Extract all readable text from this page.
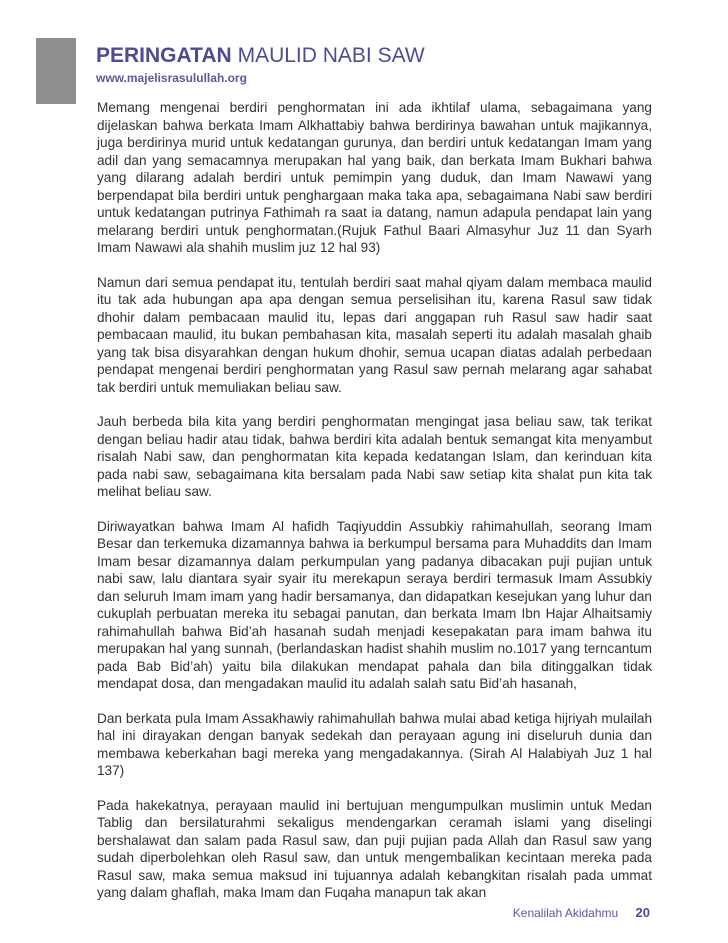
PERINGATAN MAULID NABI SAW
www.majelisrasulullah.org

Memang mengenai berdiri penghormatan ini ada ikhtilaf ulama, sebagaimana yang dijelaskan bahwa berkata Imam Alkhattabiy bahwa berdirinya bawahan untuk majikannya, juga berdirinya murid untuk kedatangan gurunya, dan berdiri untuk kedatangan Imam yang adil dan yang semacamnya merupakan hal yang baik, dan berkata Imam Bukhari bahwa yang dilarang adalah berdiri untuk pemimpin yang duduk, dan Imam Nawawi yang berpendapat bila berdiri untuk penghargaan maka taka apa, sebagaimana Nabi saw berdiri untuk kedatangan putrinya Fathimah ra saat ia datang, namun adapula pendapat lain yang melarang berdiri untuk penghormatan.(Rujuk Fathul Baari Almasyhur Juz 11 dan Syarh Imam Nawawi ala shahih muslim juz 12 hal 93)

Namun dari semua pendapat itu, tentulah berdiri saat mahal qiyam dalam membaca maulid itu tak ada hubungan apa apa dengan semua perselisihan itu, karena Rasul saw tidak dhohir dalam pembacaan maulid itu, lepas dari anggapan ruh Rasul saw hadir saat pembacaan maulid, itu bukan pembahasan kita, masalah seperti itu adalah masalah ghaib yang tak bisa disyarahkan dengan hukum dhohir, semua ucapan diatas adalah perbedaan pendapat mengenai berdiri penghormatan yang Rasul saw pernah melarang agar sahabat tak berdiri untuk memuliakan beliau saw.

Jauh berbeda bila kita yang berdiri penghormatan mengingat jasa beliau saw, tak terikat dengan beliau hadir atau tidak, bahwa berdiri kita adalah bentuk semangat kita menyambut risalah Nabi saw, dan penghormatan kita kepada kedatangan Islam, dan kerinduan kita pada nabi saw, sebagaimana kita bersalam pada Nabi saw setiap kita shalat pun kita tak melihat beliau saw.

Diriwayatkan bahwa Imam Al hafidh Taqiyuddin Assubkiy rahimahullah, seorang Imam Besar dan terkemuka dizamannya bahwa ia berkumpul bersama para Muhaddits dan Imam Imam besar dizamannya dalam perkumpulan yang padanya dibacakan puji pujian untuk nabi saw, lalu diantara syair syair itu merekapun seraya berdiri termasuk Imam Assubkiy dan seluruh Imam imam yang hadir bersamanya, dan didapatkan kesejukan yang luhur dan cukuplah perbuatan mereka itu sebagai panutan, dan berkata Imam Ibn Hajar Alhaitsamiy rahimahullah bahwa Bid’ah hasanah sudah menjadi kesepakatan para imam bahwa itu merupakan hal yang sunnah, (berlandaskan hadist shahih muslim no.1017 yang terncantum pada Bab Bid’ah) yaitu bila dilakukan mendapat pahala dan bila ditinggalkan tidak mendapat dosa, dan mengadakan maulid itu adalah salah satu Bid’ah hasanah,

Dan berkata pula Imam Assakhawiy rahimahullah bahwa mulai abad ketiga hijriyah mulailah hal ini dirayakan dengan banyak sedekah dan perayaan agung ini diseluruh dunia dan membawa keberkahan bagi mereka yang mengadakannya. (Sirah Al Halabiyah Juz 1 hal 137)

Pada hakekatnya, perayaan maulid ini bertujuan mengumpulkan muslimin untuk Medan Tablig dan bersilaturahmi sekaligus mendengarkan ceramah islami yang diselingi bershalawat dan salam pada Rasul saw, dan puji pujian pada Allah dan Rasul saw yang sudah diperbolehkan oleh Rasul saw, dan untuk mengembalikan kecintaan mereka pada Rasul saw, maka semua maksud ini tujuannya adalah kebangkitan risalah pada ummat yang dalam ghaflah, maka Imam dan Fuqaha manapun tak akan

Kenalilah Akidahmu 20
